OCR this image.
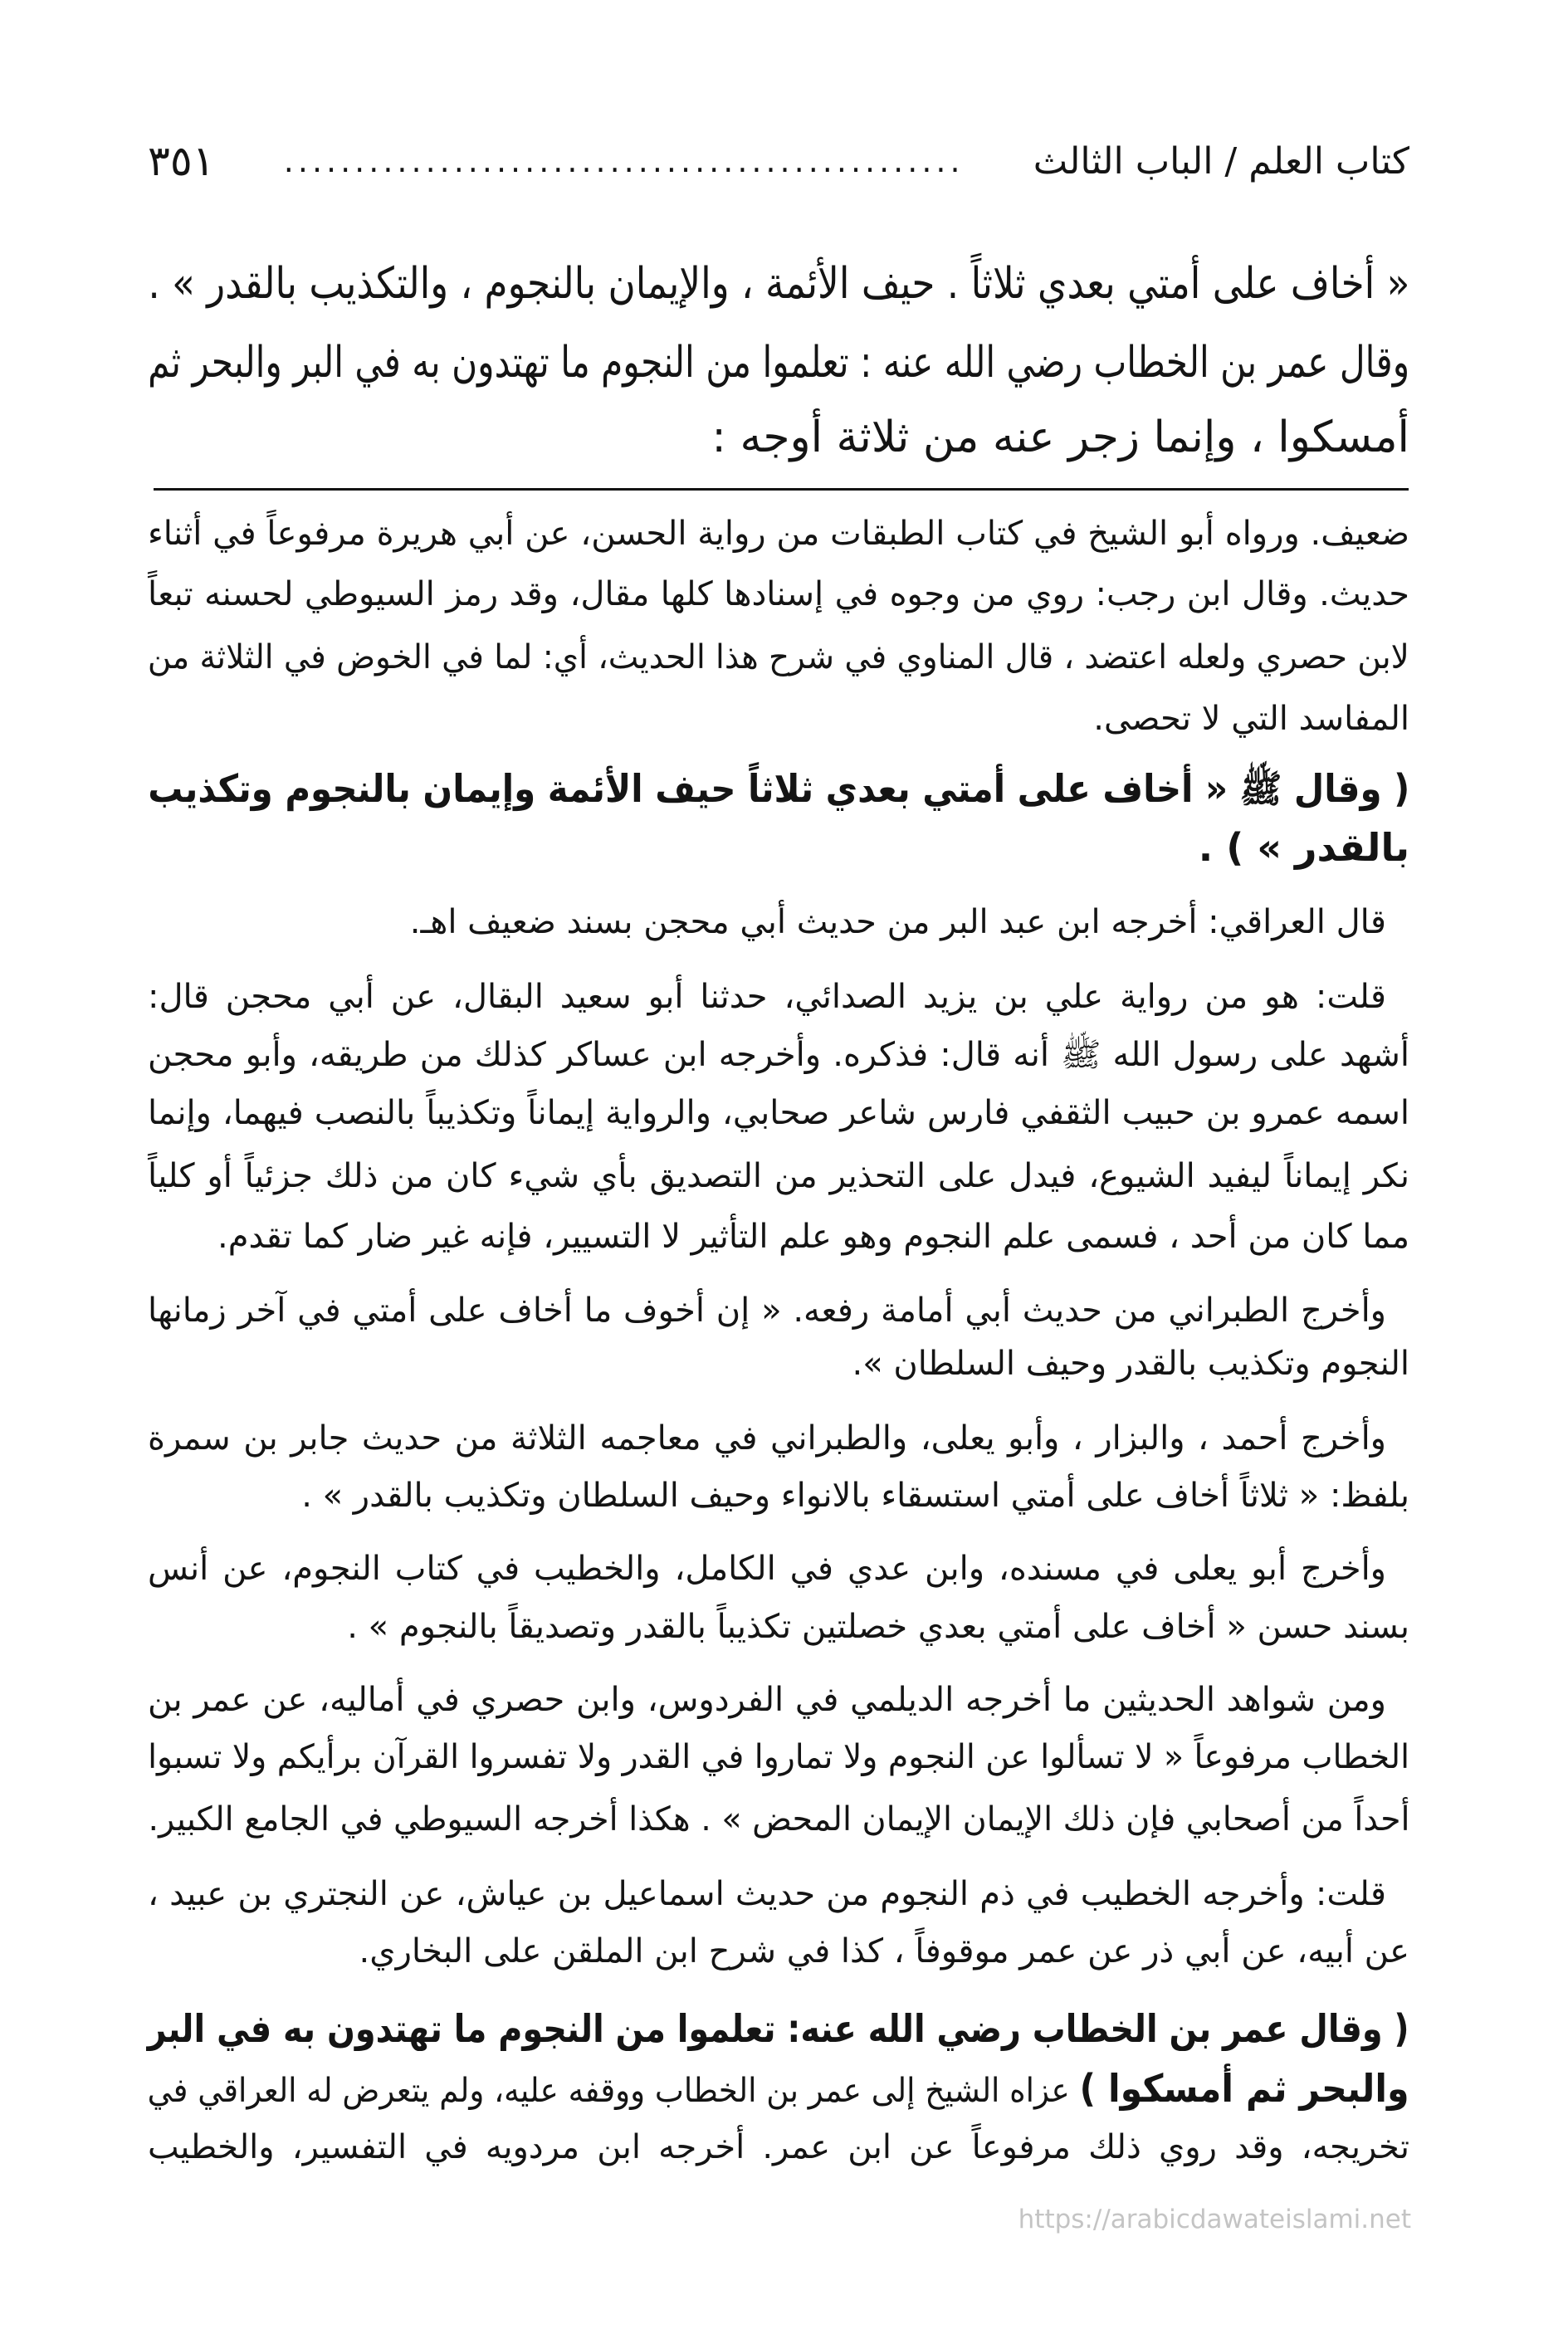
كتاب العلم / الباب الثالث
................................................
٣٥١
« أخاف على أمتي بعدي ثلاثاً . حيف الأئمة ، والإيمان بالنجوم ، والتكذيب بالقدر » .
وقال عمر بن الخطاب رضي الله عنه : تعلموا من النجوم ما تهتدون به في البر والبحر ثم
أمسكوا ، وإنما زجر عنه من ثلاثة أوجه :
ضعيف. ورواه أبو الشيخ في كتاب الطبقات من رواية الحسن، عن أبي هريرة مرفوعاً في أثناء
حديث. وقال ابن رجب: روي من وجوه في إسنادها كلها مقال، وقد رمز السيوطي لحسنه تبعاً
لابن حصري ولعله اعتضد ، قال المناوي في شرح هذا الحديث، أي: لما في الخوض في الثلاثة من
المفاسد التي لا تحصى.
( وقال ﷺ « أخاف على أمتي بعدي ثلاثاً حيف الأئمة وإيمان بالنجوم وتكذيب
بالقدر » ) .
قال العراقي: أخرجه ابن عبد البر من حديث أبي محجن بسند ضعيف اهـ.
قلت: هو من رواية علي بن يزيد الصدائي، حدثنا أبو سعيد البقال، عن أبي محجن قال:
أشهد على رسول الله ﷺ أنه قال: فذكره. وأخرجه ابن عساكر كذلك من طريقه، وأبو محجن
اسمه عمرو بن حبيب الثقفي فارس شاعر صحابي، والرواية إيماناً وتكذيباً بالنصب فيهما، وإنما
نكر إيماناً ليفيد الشيوع، فيدل على التحذير من التصديق بأي شيء كان من ذلك جزئياً أو كلياً
مما كان من أحد ، فسمى علم النجوم وهو علم التأثير لا التسيير، فإنه غير ضار كما تقدم.
وأخرج الطبراني من حديث أبي أمامة رفعه. « إن أخوف ما أخاف على أمتي في آخر زمانها
النجوم وتكذيب بالقدر وحيف السلطان ».
وأخرج أحمد ، والبزار ، وأبو يعلى، والطبراني في معاجمه الثلاثة من حديث جابر بن سمرة
بلفظ: « ثلاثاً أخاف على أمتي استسقاء بالانواء وحيف السلطان وتكذيب بالقدر » .
وأخرج أبو يعلى في مسنده، وابن عدي في الكامل، والخطيب في كتاب النجوم، عن أنس
بسند حسن « أخاف على أمتي بعدي خصلتين تكذيباً بالقدر وتصديقاً بالنجوم » .
ومن شواهد الحديثين ما أخرجه الديلمي في الفردوس، وابن حصري في أماليه، عن عمر بن
الخطاب مرفوعاً « لا تسألوا عن النجوم ولا تماروا في القدر ولا تفسروا القرآن برأيكم ولا تسبوا
أحداً من أصحابي فإن ذلك الإيمان الإيمان المحض » . هكذا أخرجه السيوطي في الجامع الكبير.
قلت: وأخرجه الخطيب في ذم النجوم من حديث اسماعيل بن عياش، عن النجتري بن عبيد ،
عن أبيه، عن أبي ذر عن عمر موقوفاً ، كذا في شرح ابن الملقن على البخاري.
( وقال عمر بن الخطاب رضي الله عنه: تعلموا من النجوم ما تهتدون به في البر
والبحر ثم أمسكوا ) عزاه الشيخ إلى عمر بن الخطاب ووقفه عليه، ولم يتعرض له العراقي في
تخريجه، وقد روي ذلك مرفوعاً عن ابن عمر. أخرجه ابن مردويه في التفسير، والخطيب
https://arabicdawateislami.net
